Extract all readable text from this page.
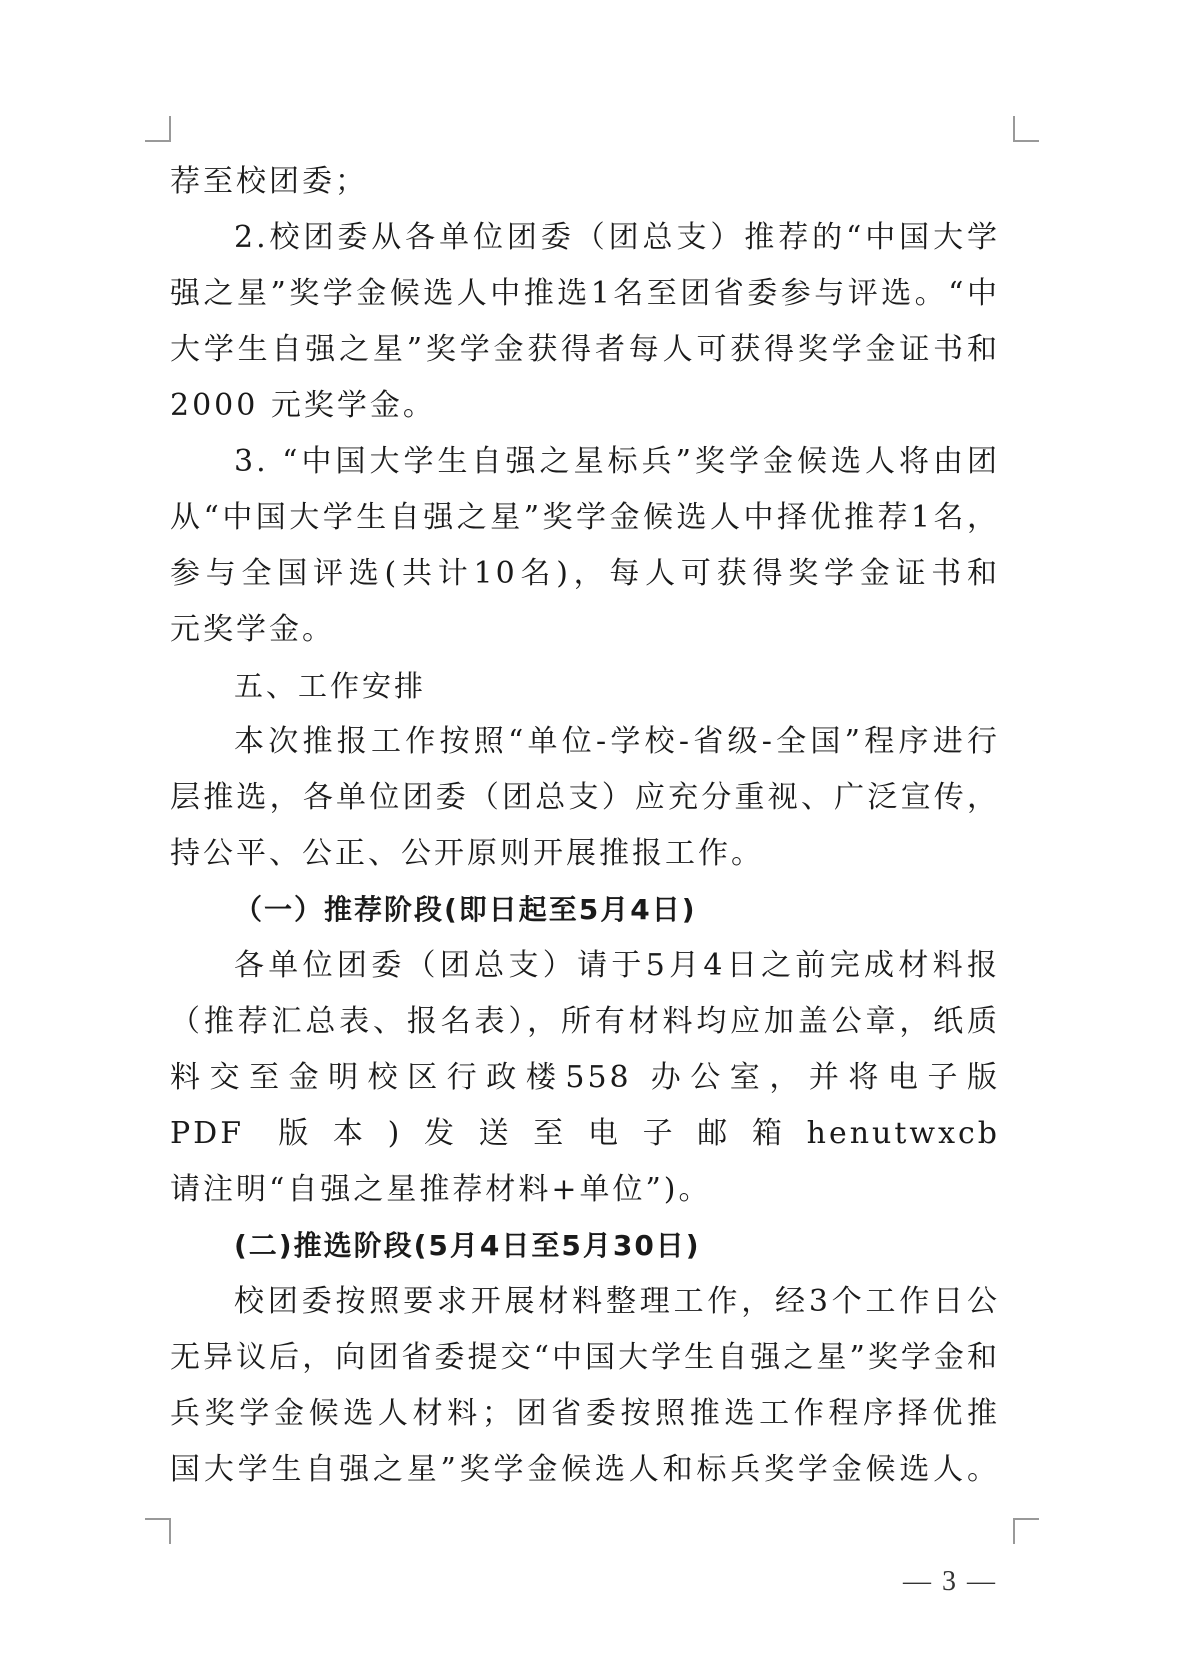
荐至校团委；
2.校团委从各单位团委（团总支）推荐的“中国大学
强之星”奖学金候选人中推选1名至团省委参与评选。“中
大学生自强之星”奖学金获得者每人可获得奖学金证书和
2000 元奖学金。
3. “中国大学生自强之星标兵”奖学金候选人将由团
从“中国大学生自强之星”奖学金候选人中择优推荐1名，
参与全国评选(共计10名)，每人可获得奖学金证书和
元奖学金。
五、工作安排
本次推报工作按照“单位-学校-省级-全国”程序进行
层推选，各单位团委（团总支）应充分重视、广泛宣传，
持公平、公正、公开原则开展推报工作。
（一）推荐阶段(即日起至5月4日)
各单位团委（团总支）请于5月4日之前完成材料报
（推荐汇总表、报名表），所有材料均应加盖公章，纸质
料交至金明校区行政楼558 办公室，并将电子版
PDF 版本)发送至电子邮箱henutwxcb
请注明“自强之星推荐材料+单位”)。
(二)推选阶段(5月4日至5月30日)
校团委按照要求开展材料整理工作，经3个工作日公
无异议后，向团省委提交“中国大学生自强之星”奖学金和
兵奖学金候选人材料；团省委按照推选工作程序择优推
国大学生自强之星”奖学金候选人和标兵奖学金候选人。
— 3 —
